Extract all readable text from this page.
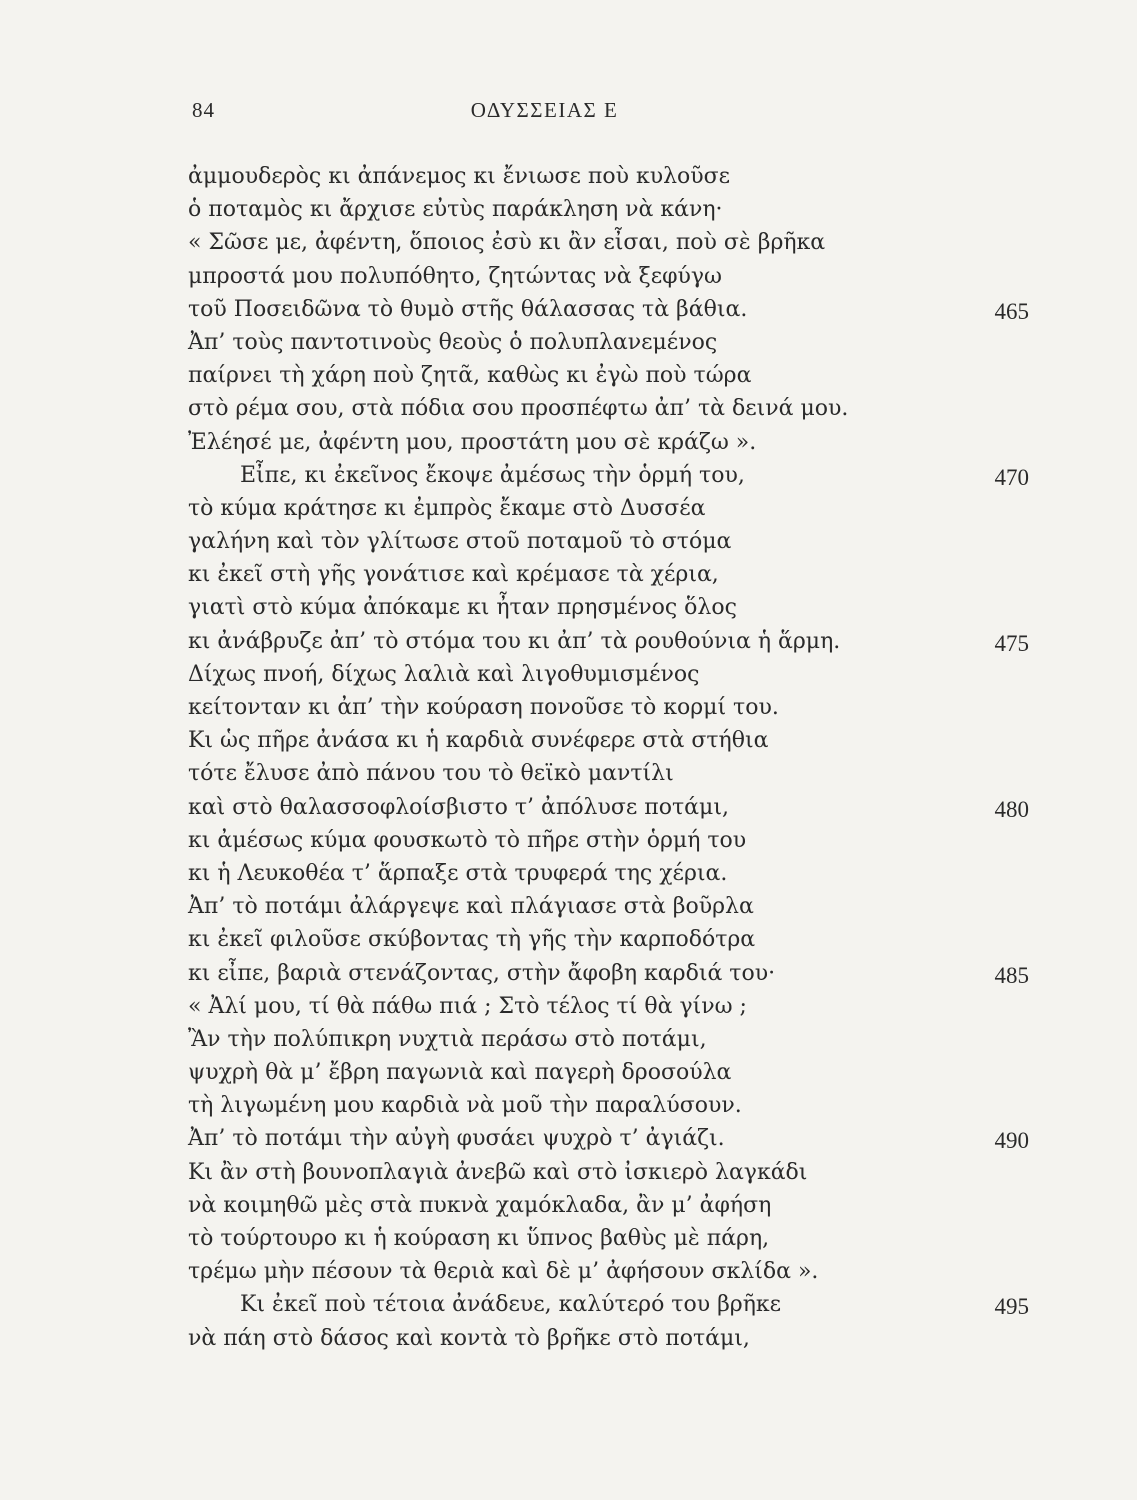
84	ΟΔΥΣΣΕΙΑΣ Ε
ἀμμουδερὸς κι ἀπάνεμος κι ἔνιωσε ποὺ κυλοῦσε
ὁ ποταμὸς κι ἄρχισε εὐτὺς παράκληση νὰ κάνη·
« Σῶσε με, ἀφέντη, ὅποιος ἐσὺ κι ἂν εἶσαι, ποὺ σὲ βρῆκα
μπροστά μου πολυπόθητο, ζητώντας νὰ ξεφύγω
τοῦ Ποσειδῶνα τὸ θυμὸ στῆς θάλασσας τὰ βάθια.	465
Ἀπ’ τοὺς παντοτινοὺς θεοὺς ὁ πολυπλανεμένος
παίρνει τὴ χάρη ποὺ ζητᾶ, καθὼς κι ἐγὼ ποὺ τώρα
στὸ ρέμα σου, στὰ πόδια σου προσπέφτω ἀπ’ τὰ δεινά μου.
Ἐλέησέ με, ἀφέντη μου, προστάτη μου σὲ κράζω ».
Εἶπε, κι ἐκεῖνος ἔκοψε ἀμέσως τὴν ὁρμή του,	470
τὸ κύμα κράτησε κι ἐμπρὸς ἔκαμε στὸ Δυσσέα
γαλήνη καὶ τὸν γλίτωσε στοῦ ποταμοῦ τὸ στόμα
κι ἐκεῖ στὴ γῆς γονάτισε καὶ κρέμασε τὰ χέρια,
γιατὶ στὸ κύμα ἀπόκαμε κι ἦταν πρησμένος ὅλος
κι ἀνάβρυζε ἀπ’ τὸ στόμα του κι ἀπ’ τὰ ρουθούνια ἡ ἅρμη.	475
Δίχως πνοή, δίχως λαλιὰ καὶ λιγοθυμισμένος
κείτονταν κι ἀπ’ τὴν κούραση πονοῦσε τὸ κορμί του.
Κι ὡς πῆρε ἀνάσα κι ἡ καρδιὰ συνέφερε στὰ στήθια
τότε ἔλυσε ἀπὸ πάνου του τὸ θεϊκὸ μαντίλι
καὶ στὸ θαλασσοφλοίσβιστο τ’ ἀπόλυσε ποτάμι,	480
κι ἀμέσως κύμα φουσκωτὸ τὸ πῆρε στὴν ὁρμή του
κι ἡ Λευκοθέα τ’ ἅρπαξε στὰ τρυφερά της χέρια.
Ἀπ’ τὸ ποτάμι ἀλάργεψε καὶ πλάγιασε στὰ βοῦρλα
κι ἐκεῖ φιλοῦσε σκύβοντας τὴ γῆς τὴν καρποδότρα
κι εἶπε, βαριὰ στενάζοντας, στὴν ἄφοβη καρδιά του·	485
« Ἀλί μου, τί θὰ πάθω πιά ; Στὸ τέλος τί θὰ γίνω ;
Ἂν τὴν πολύπικρη νυχτιὰ περάσω στὸ ποτάμι,
ψυχρὴ θὰ μ’ ἔβρη παγωνιὰ καὶ παγερὴ δροσούλα
τὴ λιγωμένη μου καρδιὰ νὰ μοῦ τὴν παραλύσουν.
Ἀπ’ τὸ ποτάμι τὴν αὐγὴ φυσάει ψυχρὸ τ’ ἀγιάζι.	490
Κι ἂν στὴ βουνοπλαγιὰ ἀνεβῶ καὶ στὸ ἰσκιερὸ λαγκάδι
νὰ κοιμηθῶ μὲς στὰ πυκνὰ χαμόκλαδα, ἂν μ’ ἀφήση
τὸ τούρτουρο κι ἡ κούραση κι ὕπνος βαθὺς μὲ πάρη,
τρέμω μὴν πέσουν τὰ θεριὰ καὶ δὲ μ’ ἀφήσουν σκλίδα ».
Κι ἐκεῖ ποὺ τέτοια ἀνάδευε, καλύτερό του βρῆκε	495
νὰ πάη στὸ δάσος καὶ κοντὰ τὸ βρῆκε στὸ ποτάμι,
